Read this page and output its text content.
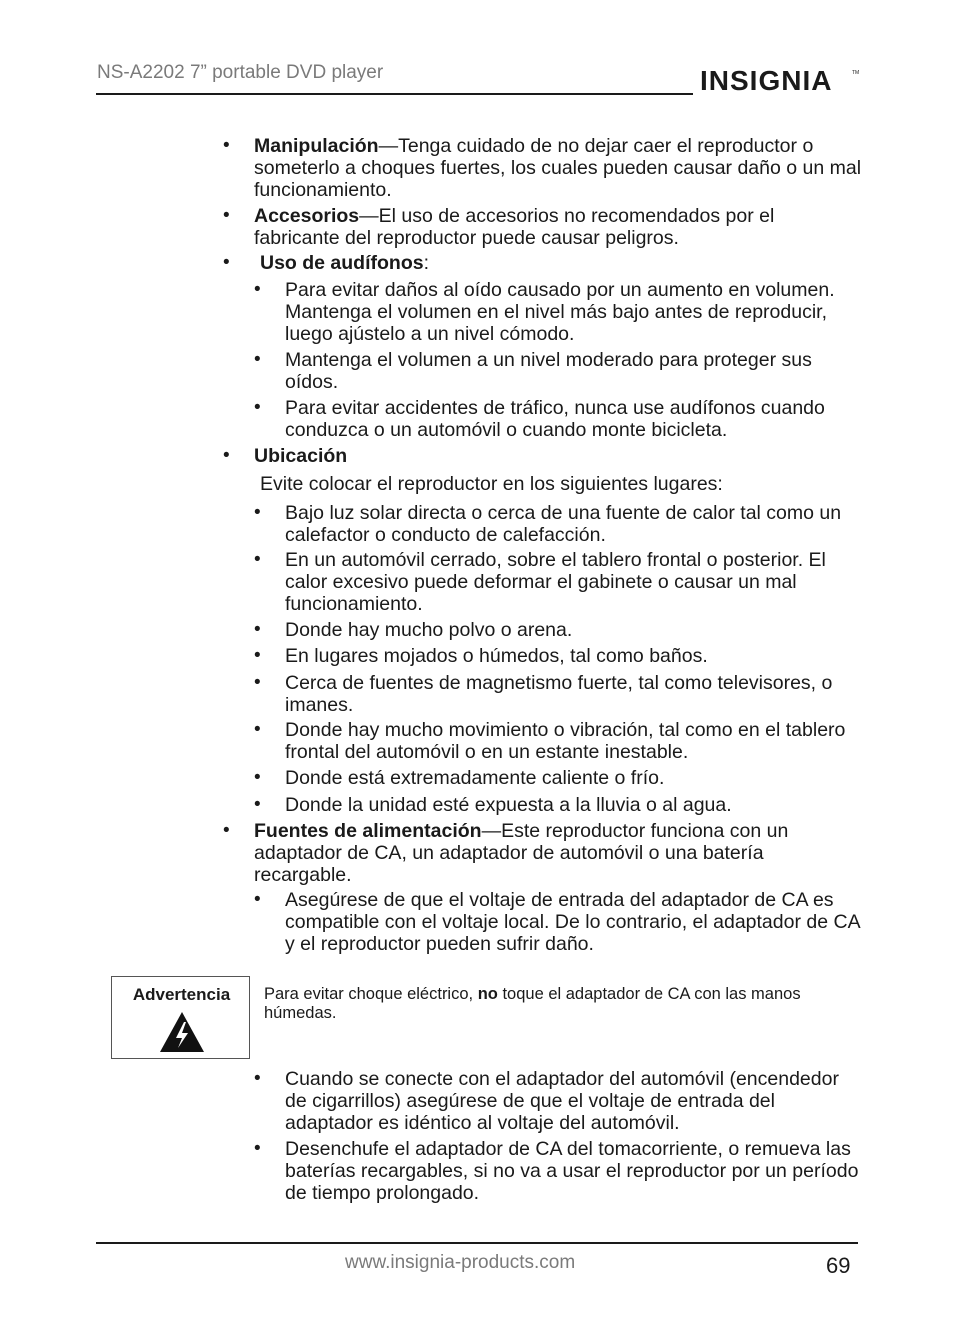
NS-A2202 7” portable DVD player	INSIGNIA	TM
• Manipulación—Tenga cuidado de no dejar caer el reproductor o someterlo a choques fuertes, los cuales pueden causar daño o un mal funcionamiento.
• Accesorios—El uso de accesorios no recomendados por el fabricante del reproductor puede causar peligros.
• Uso de audífonos:
• Para evitar daños al oído causado por un aumento en volumen. Mantenga el volumen en el nivel más bajo antes de reproducir, luego ajústelo a un nivel cómodo.
• Mantenga el volumen a un nivel moderado para proteger sus oídos.
• Para evitar accidentes de tráfico, nunca use audífonos cuando conduzca o un automóvil o cuando monte bicicleta.
• Ubicación
Evite colocar el reproductor en los siguientes lugares:
• Bajo luz solar directa o cerca de una fuente de calor tal como un calefactor o conducto de calefacción.
• En un automóvil cerrado, sobre el tablero frontal o posterior. El calor excesivo puede deformar el gabinete o causar un mal funcionamiento.
• Donde hay mucho polvo o arena.
• En lugares mojados o húmedos, tal como baños.
• Cerca de fuentes de magnetismo fuerte, tal como televisores, o imanes.
• Donde hay mucho movimiento o vibración, tal como en el tablero frontal del automóvil o en un estante inestable.
• Donde está extremadamente caliente o frío.
• Donde la unidad esté expuesta a la lluvia o al agua.
• Fuentes de alimentación—Este reproductor funciona con un adaptador de CA, un adaptador de automóvil o una batería recargable.
• Asegúrese de que el voltaje de entrada del adaptador de CA es compatible con el voltaje local. De lo contrario, el adaptador de CA y el reproductor pueden sufrir daño.
Advertencia	Para evitar choque eléctrico, no toque el adaptador de CA con las manos húmedas.
• Cuando se conecte con el adaptador del automóvil (encendedor de cigarrillos) asegúrese de que el voltaje de entrada del adaptador es idéntico al voltaje del automóvil.
• Desenchufe el adaptador de CA del tomacorriente, o remueva las baterías recargables, si no va a usar el reproductor por un período de tiempo prolongado.
www.insignia-products.com	69
